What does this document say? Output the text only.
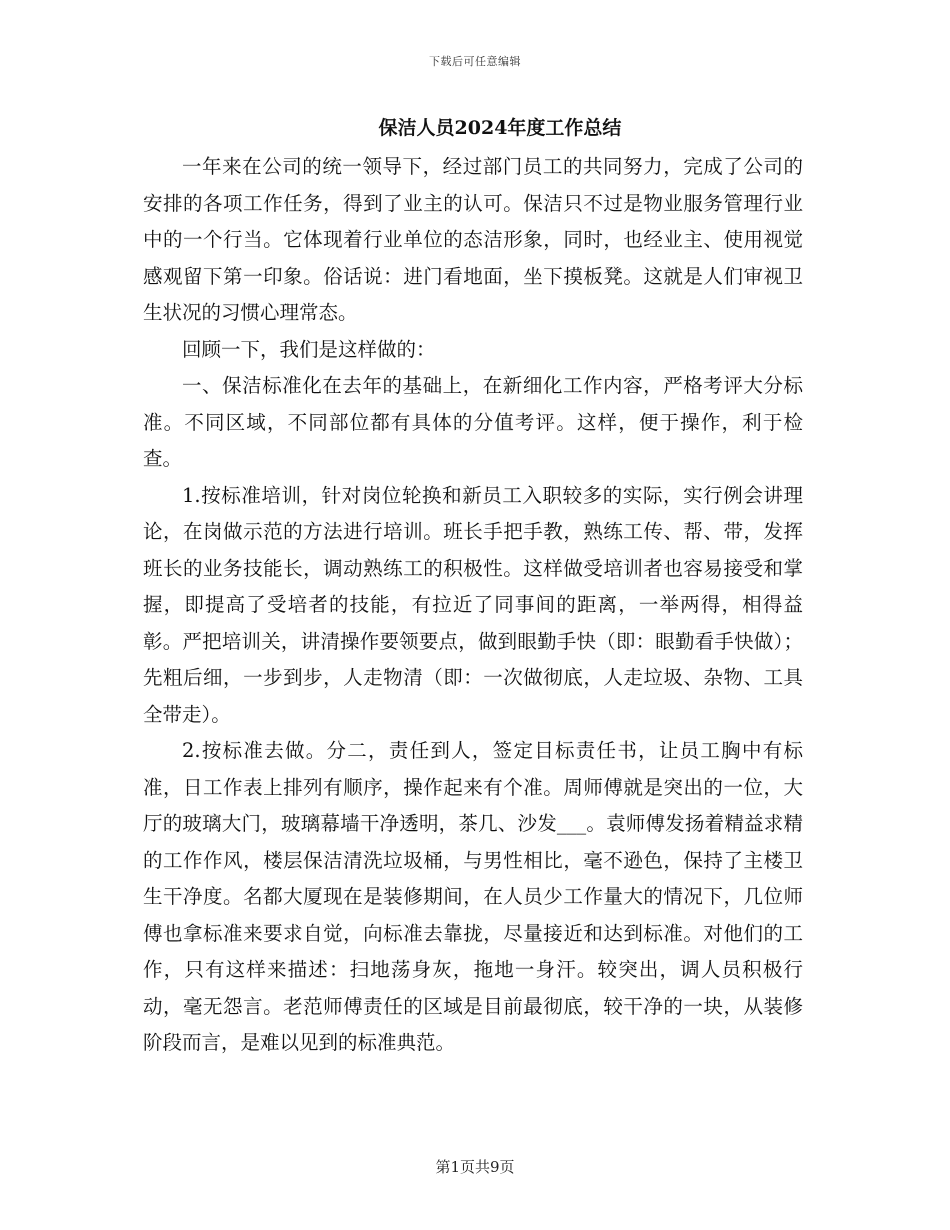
下载后可任意编辑
保洁人员2024年度工作总结

一年来在公司的统一领导下，经过部门员工的共同努力，完成了公司的安排的各项工作任务，得到了业主的认可。保洁只不过是物业服务管理行业中的一个行当。它体现着行业单位的态洁形象，同时，也经业主、使用视觉感观留下第一印象。俗话说：进门看地面，坐下摸板凳。这就是人们审视卫生状况的习惯心理常态。

回顾一下，我们是这样做的：

一、保洁标准化在去年的基础上，在新细化工作内容，严格考评大分标准。不同区域，不同部位都有具体的分值考评。这样，便于操作，利于检查。

1.按标准培训，针对岗位轮换和新员工入职较多的实际，实行例会讲理论，在岗做示范的方法进行培训。班长手把手教，熟练工传、帮、带，发挥班长的业务技能长，调动熟练工的积极性。这样做受培训者也容易接受和掌握，即提高了受培者的技能，有拉近了同事间的距离，一举两得，相得益彰。严把培训关，讲清操作要领要点，做到眼勤手快（即：眼勤看手快做）；先粗后细，一步到步，人走物清（即：一次做彻底，人走垃圾、杂物、工具全带走）。

2.按标准去做。分二，责任到人，签定目标责任书，让员工胸中有标准，日工作表上排列有顺序，操作起来有个准。周师傅就是突出的一位，大厅的玻璃大门，玻璃幕墙干净透明，茶几、沙发___。袁师傅发扬着精益求精的工作作风，楼层保洁清洗垃圾桶，与男性相比，毫不逊色，保持了主楼卫生干净度。名都大厦现在是装修期间，在人员少工作量大的情况下，几位师傅也拿标准来要求自觉，向标准去靠拢，尽量接近和达到标准。对他们的工作，只有这样来描述：扫地荡身灰，拖地一身汗。较突出，调人员积极行动，毫无怨言。老范师傅责任的区域是目前最彻底，较干净的一块，从装修阶段而言，是难以见到的标准典范。

第1页共9页
